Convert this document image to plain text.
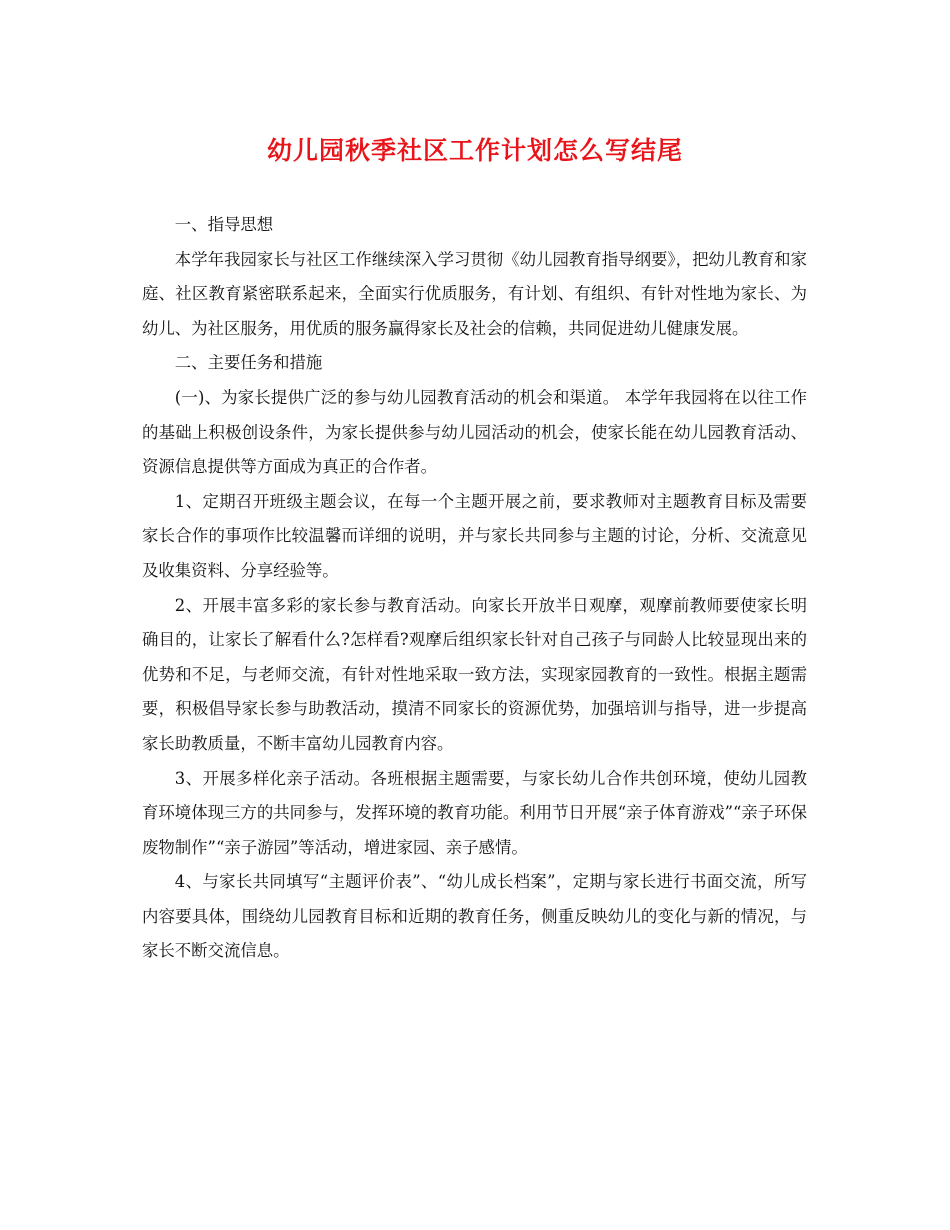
幼儿园秋季社区工作计划怎么写结尾

一、指导思想

本学年我园家长与社区工作继续深入学习贯彻《幼儿园教育指导纲要》，把幼儿教育和家庭、社区教育紧密联系起来，全面实行优质服务，有计划、有组织、有针对性地为家长、为幼儿、为社区服务，用优质的服务赢得家长及社会的信赖，共同促进幼儿健康发展。

二、主要任务和措施

(一)、为家长提供广泛的参与幼儿园教育活动的机会和渠道。 本学年我园将在以往工作的基础上积极创设条件，为家长提供参与幼儿园活动的机会，使家长能在幼儿园教育活动、资源信息提供等方面成为真正的合作者。

1、定期召开班级主题会议，在每一个主题开展之前，要求教师对主题教育目标及需要家长合作的事项作比较温馨而详细的说明，并与家长共同参与主题的讨论，分析、交流意见及收集资料、分享经验等。

2、开展丰富多彩的家长参与教育活动。向家长开放半日观摩，观摩前教师要使家长明确目的，让家长了解看什么?怎样看?观摩后组织家长针对自己孩子与同龄人比较显现出来的优势和不足，与老师交流，有针对性地采取一致方法，实现家园教育的一致性。根据主题需要，积极倡导家长参与助教活动，摸清不同家长的资源优势，加强培训与指导，进一步提高家长助教质量，不断丰富幼儿园教育内容。

3、开展多样化亲子活动。各班根据主题需要，与家长幼儿合作共创环境，使幼儿园教育环境体现三方的共同参与，发挥环境的教育功能。利用节日开展“亲子体育游戏”“亲子环保废物制作”“亲子游园”等活动，增进家园、亲子感情。

4、与家长共同填写“主题评价表”、“幼儿成长档案”，定期与家长进行书面交流，所写内容要具体，围绕幼儿园教育目标和近期的教育任务，侧重反映幼儿的变化与新的情况，与家长不断交流信息。
